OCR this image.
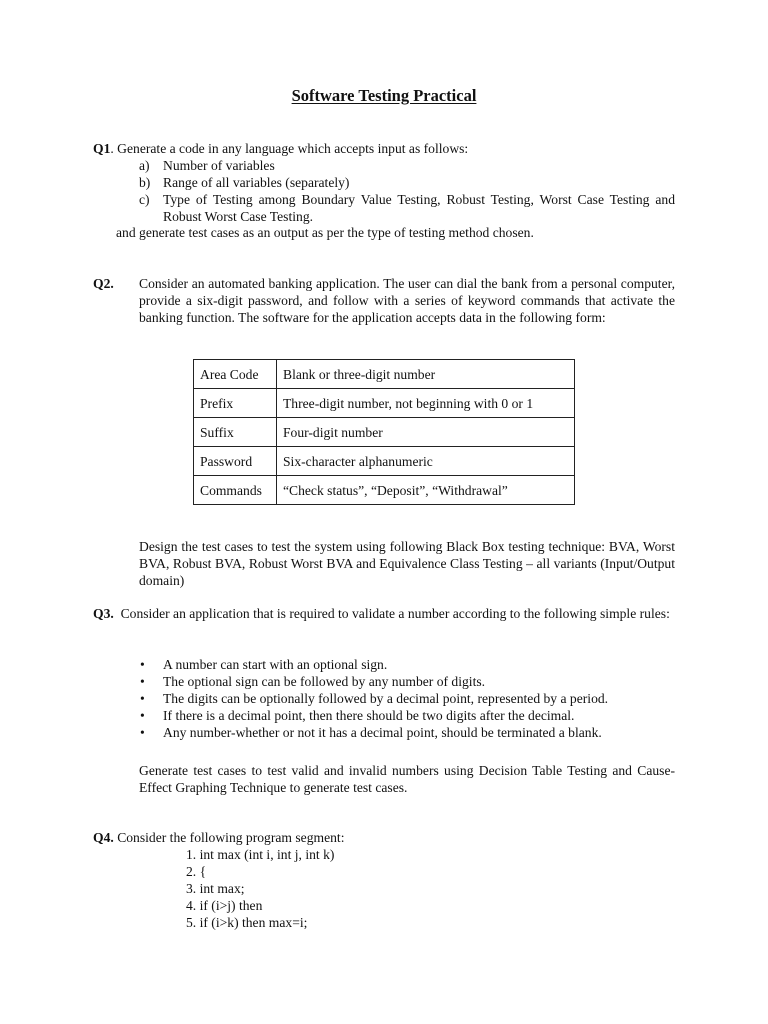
Software Testing Practical
Q1. Generate a code in any language which accepts input as follows:
a) Number of variables
b) Range of all variables (separately)
c) Type of Testing among Boundary Value Testing, Robust Testing, Worst Case Testing and Robust Worst Case Testing.
and generate test cases as an output as per the type of testing method chosen.
Q2. Consider an automated banking application. The user can dial the bank from a personal computer, provide a six-digit password, and follow with a series of keyword commands that activate the banking function. The software for the application accepts data in the following form:
Area Code	Blank or three-digit number
Prefix	Three-digit number, not beginning with 0 or 1
Suffix	Four-digit number
Password	Six-character alphanumeric
Commands	“Check status”, “Deposit”, “Withdrawal”
Design the test cases to test the system using following Black Box testing technique: BVA, Worst BVA, Robust BVA, Robust Worst BVA and Equivalence Class Testing – all variants (Input/Output domain)
Q3. Consider an application that is required to validate a number according to the following simple rules:
• A number can start with an optional sign.
• The optional sign can be followed by any number of digits.
• The digits can be optionally followed by a decimal point, represented by a period.
• If there is a decimal point, then there should be two digits after the decimal.
• Any number-whether or not it has a decimal point, should be terminated a blank.
Generate test cases to test valid and invalid numbers using Decision Table Testing and Cause-Effect Graphing Technique to generate test cases.
Q4. Consider the following program segment:
1. int max (int i, int j, int k)
2. {
3. int max;
4. if (i>j) then
5. if (i>k) then max=i;
